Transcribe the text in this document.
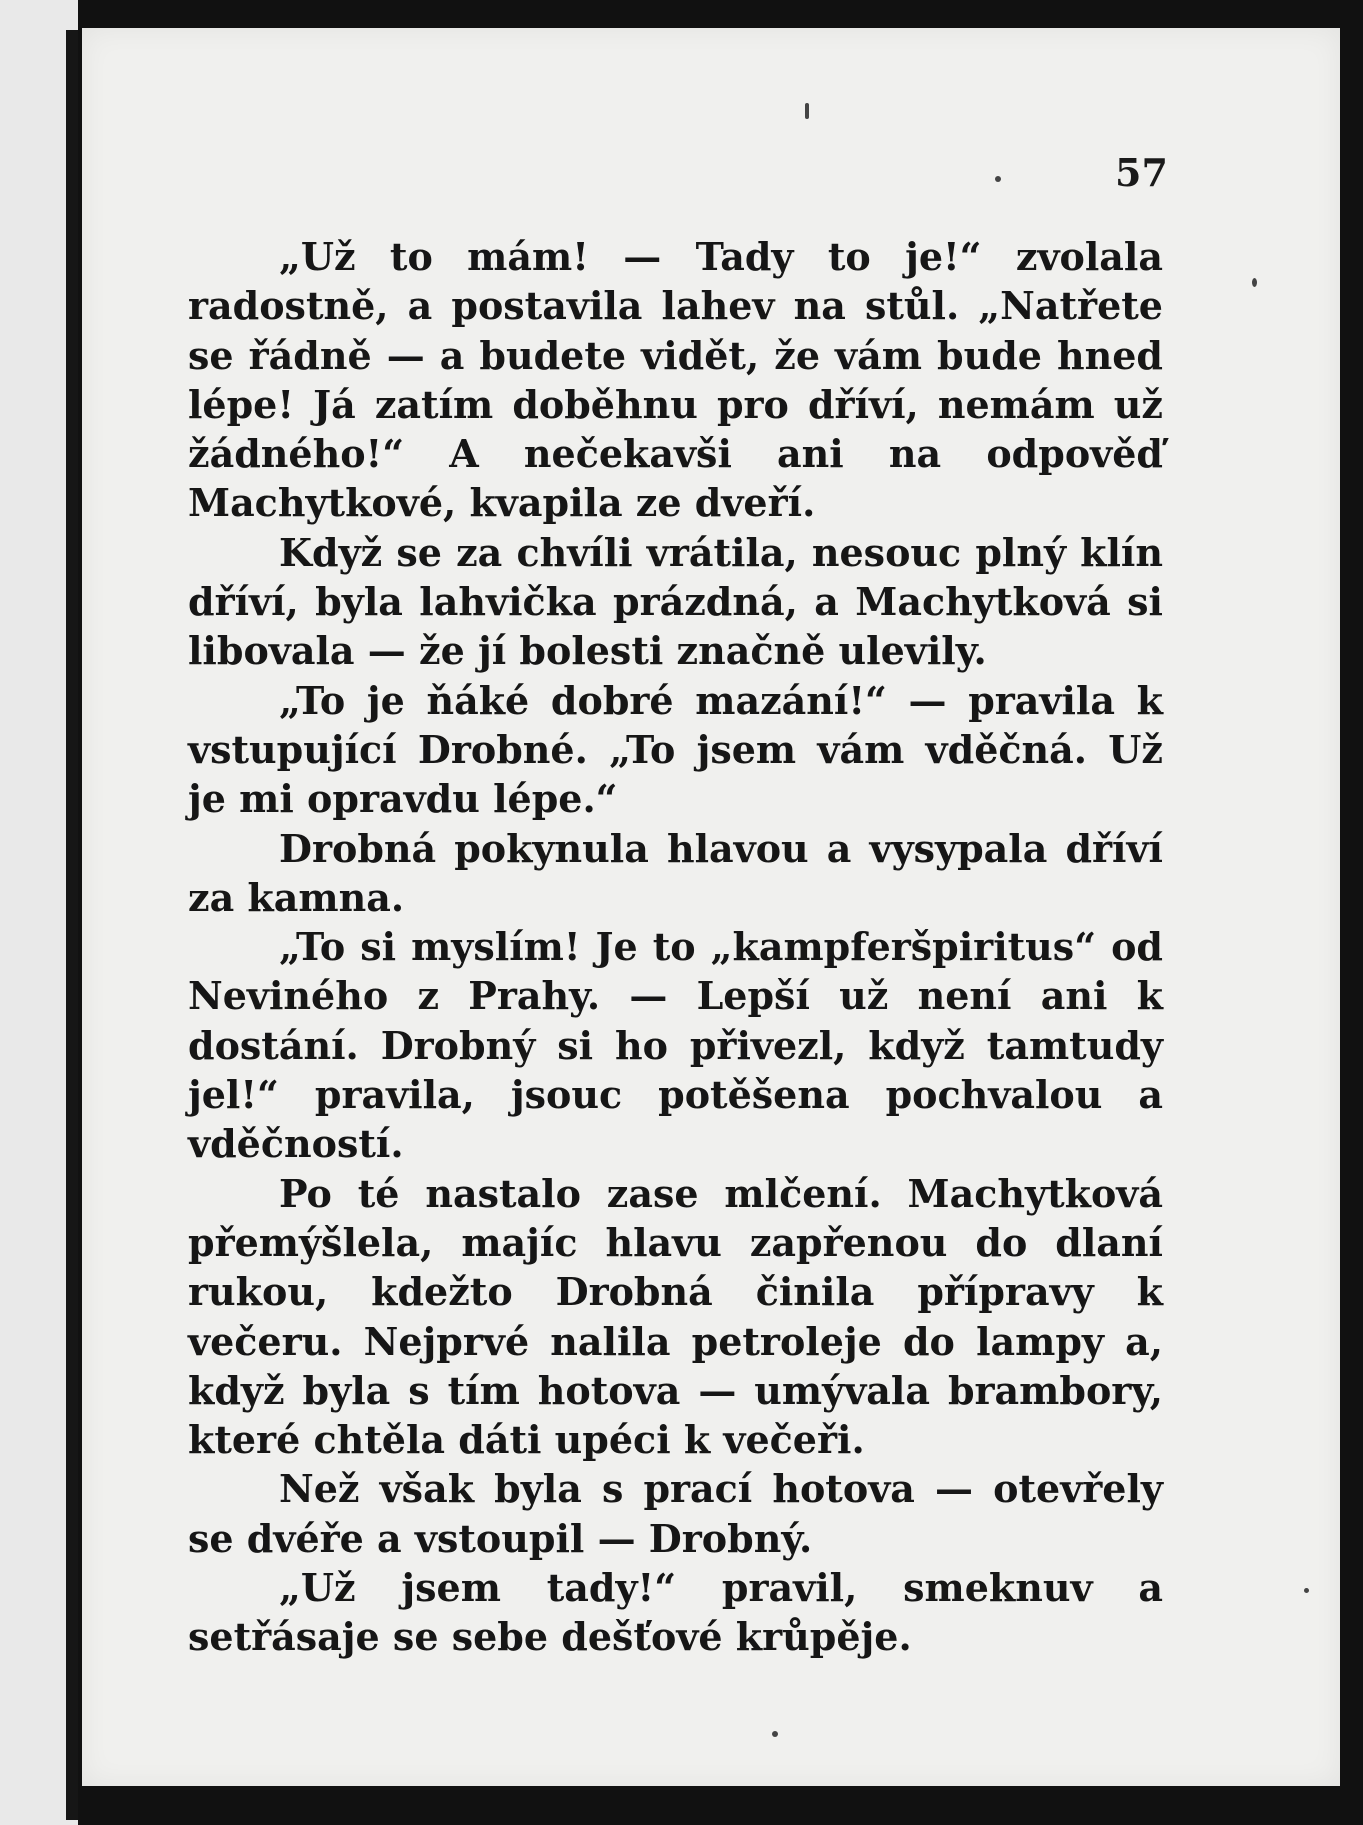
57

„Už to mám! — Tady to je!“ zvolala radostně, a postavila lahev na stůl. „Natřete se řádně — a budete vidět, že vám bude hned lépe! Já zatím doběhnu pro dříví, nemám už žádného!“ A nečekavši ani na odpověď Machytkové, kvapila ze dveří.

Když se za chvíli vrátila, nesouc plný klín dříví, byla lahvička prázdná, a Machytková si libovala — že jí bolesti značně ulevily.

„To je ňáké dobré mazání!“ — pravila k vstupující Drobné. „To jsem vám vděčná. Už je mi opravdu lépe.“

Drobná pokynula hlavou a vysypala dříví za kamna.

„To si myslím! Je to „kampferšpiritus“ od Neviného z Prahy. — Lepší už není ani k dostání. Drobný si ho přivezl, když tamtudy jel!“ pravila, jsouc potěšena pochvalou a vděčností.

Po té nastalo zase mlčení. Machytková přemýšlela, majíc hlavu zapřenou do dlaní rukou, kdežto Drobná činila přípravy k večeru. Nejprvé nalila petroleje do lampy a, když byla s tím hotova — umývala brambory, které chtěla dáti upéci k večeři.

Než však byla s prací hotova — otevřely se dvéře a vstoupil — Drobný.

„Už jsem tady!“ pravil, smeknuv a setřásaje se sebe dešťové krůpěje.
